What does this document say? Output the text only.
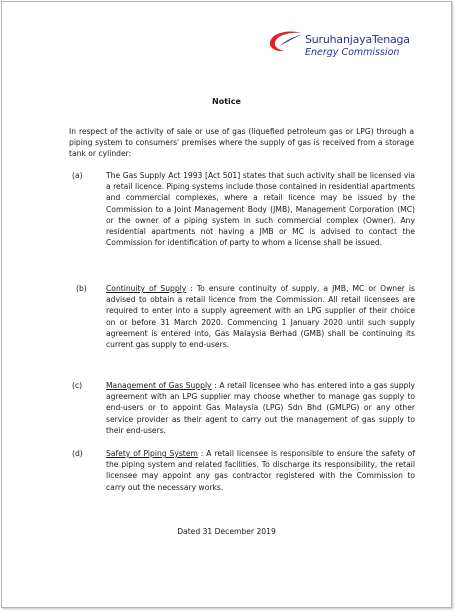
SuruhanjayaTenaga
Energy Commission
Notice
In respect of the activity of sale or use of gas (liquefied petroleum gas or LPG) through a piping system to consumers' premises where the supply of gas is received from a storage tank or cylinder:
(a)	The Gas Supply Act 1993 [Act 501] states that such activity shall be licensed via a retail licence. Piping systems include those contained in residential apartments and commercial complexes, where a retail licence may be issued by the Commission to a Joint Management Body (JMB), Management Corporation (MC) or the owner of a piping system in such commercial complex (Owner). Any residential apartments not having a JMB or MC is advised to contact the Commission for identification of party to whom a license shall be issued.
(b)	Continuity of Supply : To ensure continuity of supply, a JMB, MC or Owner is advised to obtain a retail licence from the Commission. All retail licensees are required to enter into a supply agreement with an LPG supplier of their choice on or before 31 March 2020. Commencing 1 January 2020 until such supply agreement is entered into, Gas Malaysia Berhad (GMB) shall be continuing its current gas supply to end-users.
(c)	Management of Gas Supply : A retail licensee who has entered into a gas supply agreement with an LPG supplier may choose whether to manage gas supply to end-users or to appoint Gas Malaysia (LPG) Sdn Bhd (GMLPG) or any other service provider as their agent to carry out the management of gas supply to their end-users.
(d)	Safety of Piping System : A retail licensee is responsible to ensure the safety of the piping system and related facilities. To discharge its responsibility, the retail licensee may appoint any gas contractor registered with the Commission to carry out the necessary works.
Dated 31 December 2019
